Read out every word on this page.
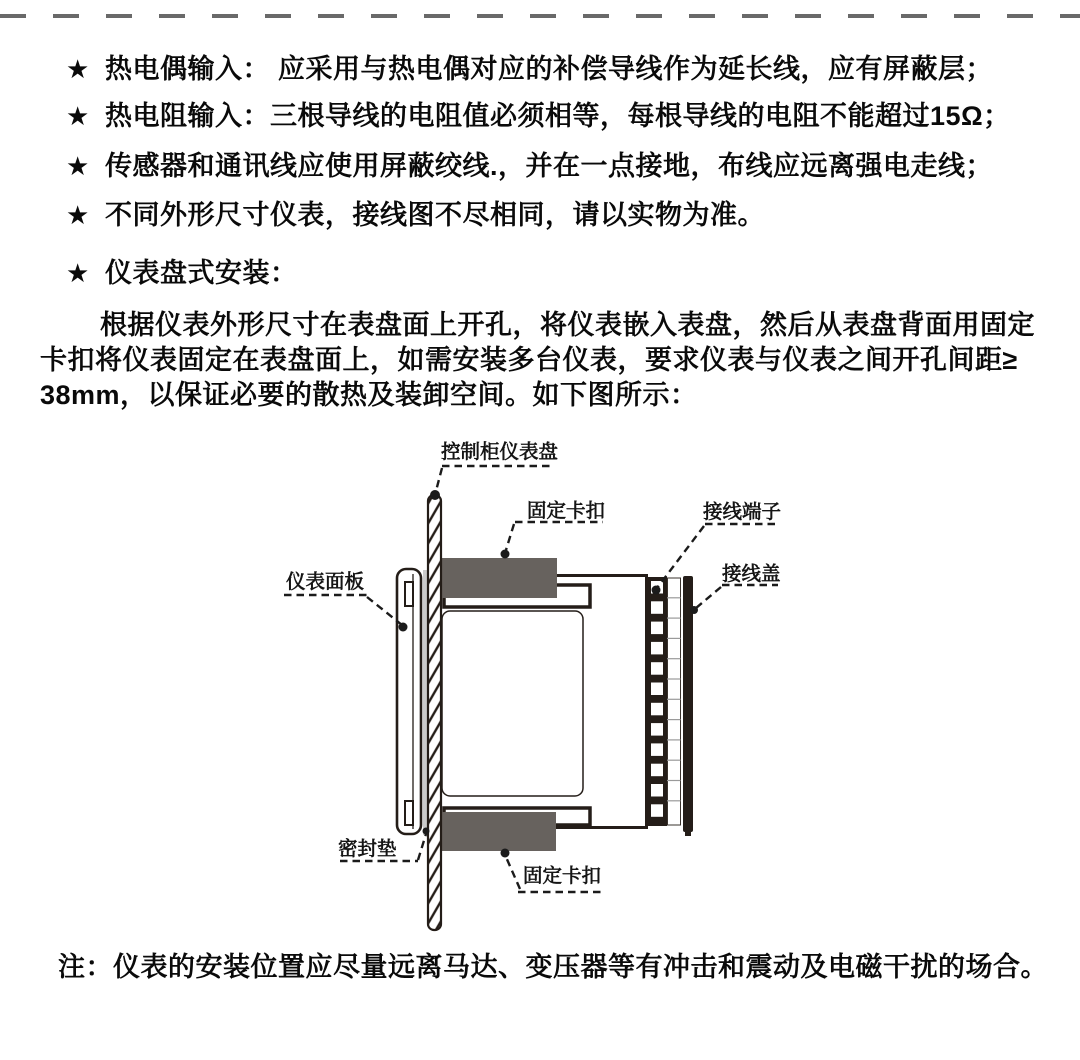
★ 热电偶输入： 应采用与热电偶对应的补偿导线作为延长线，应有屏蔽层；
★ 热电阻输入：三根导线的电阻值必须相等，每根导线的电阻不能超过15Ω；
★ 传感器和通讯线应使用屏蔽绞线.，并在一点接地，布线应远离强电走线；
★ 不同外形尺寸仪表，接线图不尽相同，请以实物为准。
★ 仪表盘式安装：
根据仪表外形尺寸在表盘面上开孔，将仪表嵌入表盘，然后从表盘背面用固定
卡扣将仪表固定在表盘面上，如需安装多台仪表，要求仪表与仪表之间开孔间距≥
38mm，以保证必要的散热及装卸空间。如下图所示：
控制柜仪表盘
固定卡扣	接线端子
接线盖
仪表面板
密封垫
固定卡扣
注：仪表的安装位置应尽量远离马达、变压器等有冲击和震动及电磁干扰的场合。
